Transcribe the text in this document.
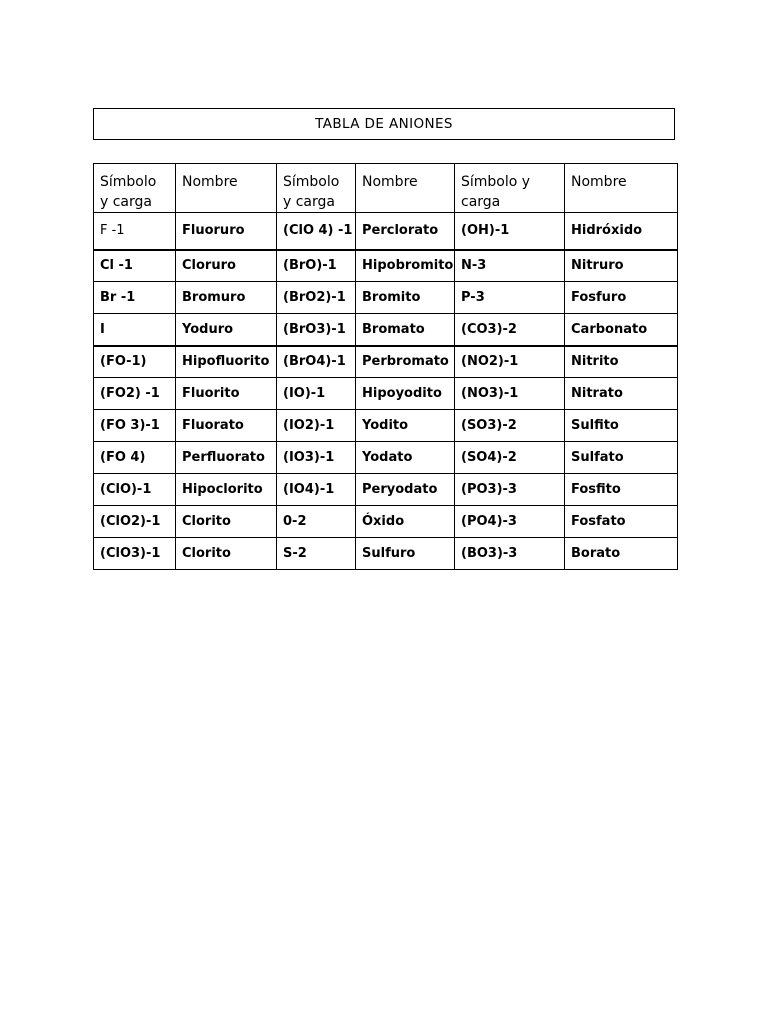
TABLA DE ANIONES
Símbolo y carga	Nombre	Símbolo y carga	Nombre	Símbolo y carga	Nombre
F -1	Fluoruro	(ClO 4) -1	Perclorato	(OH)-1	Hidróxido
Cl -1	Cloruro	(BrO)-1	Hipobromito	N-3	Nitruro
Br -1	Bromuro	(BrO2)-1	Bromito	P-3	Fosfuro
I	Yoduro	(BrO3)-1	Bromato	(CO3)-2	Carbonato
(FO-1)	Hipofluorito	(BrO4)-1	Perbromato	(NO2)-1	Nitrito
(FO2) -1	Fluorito	(IO)-1	Hipoyodito	(NO3)-1	Nitrato
(FO 3)-1	Fluorato	(IO2)-1	Yodito	(SO3)-2	Sulfito
(FO 4)	Perfluorato	(IO3)-1	Yodato	(SO4)-2	Sulfato
(ClO)-1	Hipoclorito	(IO4)-1	Peryodato	(PO3)-3	Fosfito
(ClO2)-1	Clorito	0-2	Óxido	(PO4)-3	Fosfato
(ClO3)-1	Clorito	S-2	Sulfuro	(BO3)-3	Borato
